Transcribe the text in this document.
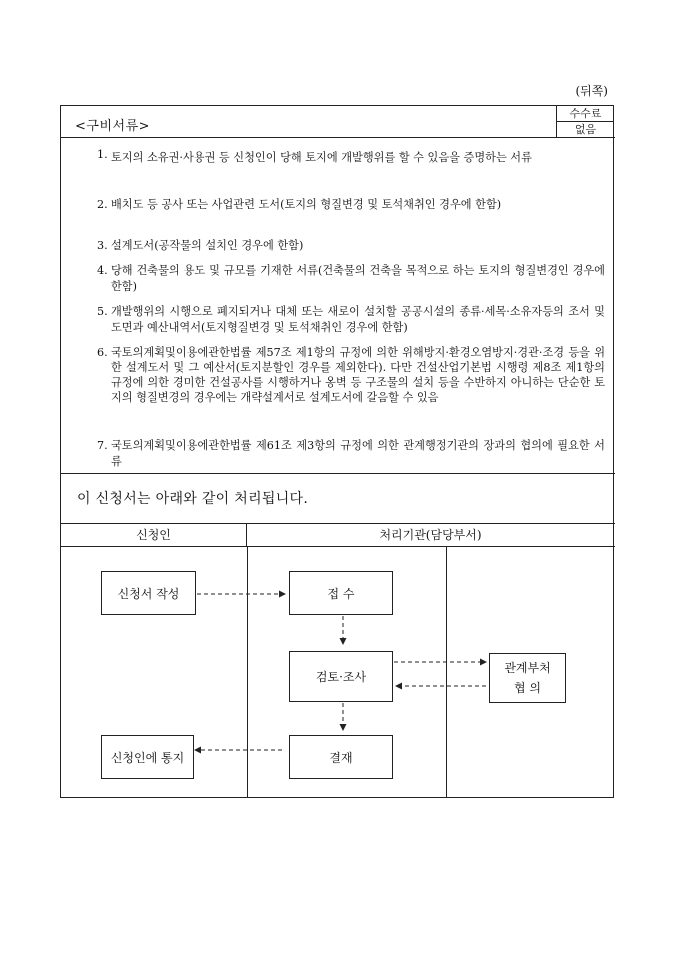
(뒤쪽)
<구비서류>
수수료
없음
1. 토지의 소유권·사용권 등 신청인이 당해 토지에 개발행위를 할 수 있음을 증명하는 서류
2. 배치도 등 공사 또는 사업관련 도서(토지의 형질변경 및 토석채취인 경우에 한함)
3. 설계도서(공작물의 설치인 경우에 한함)
4. 당해 건축물의 용도 및 규모를 기재한 서류(건축물의 건축을 목적으로 하는 토지의 형질변경인 경우에 한함)
5. 개발행위의 시행으로 폐지되거나 대체 또는 새로이 설치할 공공시설의 종류·세목·소유자등의 조서 및 도면과 예산내역서(토지형질변경 및 토석채취인 경우에 한함)
6. 국토의계획및이용에관한법률 제57조 제1항의 규정에 의한 위해방지·환경오염방지·경관·조경 등을 위한 설계도서 및 그 예산서(토지분할인 경우를 제외한다). 다만 건설산업기본법 시행령 제8조 제1항의 규정에 의한 경미한 건설공사를 시행하거나 옹벽 등 구조물의 설치 등을 수반하지 아니하는 단순한 토지의 형질변경의 경우에는 개략설계서로 설계도서에 갈음할 수 있음
7. 국토의계획및이용에관한법률 제61조 제3항의 규정에 의한 관계행정기관의 장과의 협의에 필요한 서류
이 신청서는 아래와 같이 처리됩니다.
신청인	처리기관(담당부서)
신청서 작성	접 수
검토·조사
관계부처
협 의
결재
신청인에 통지
